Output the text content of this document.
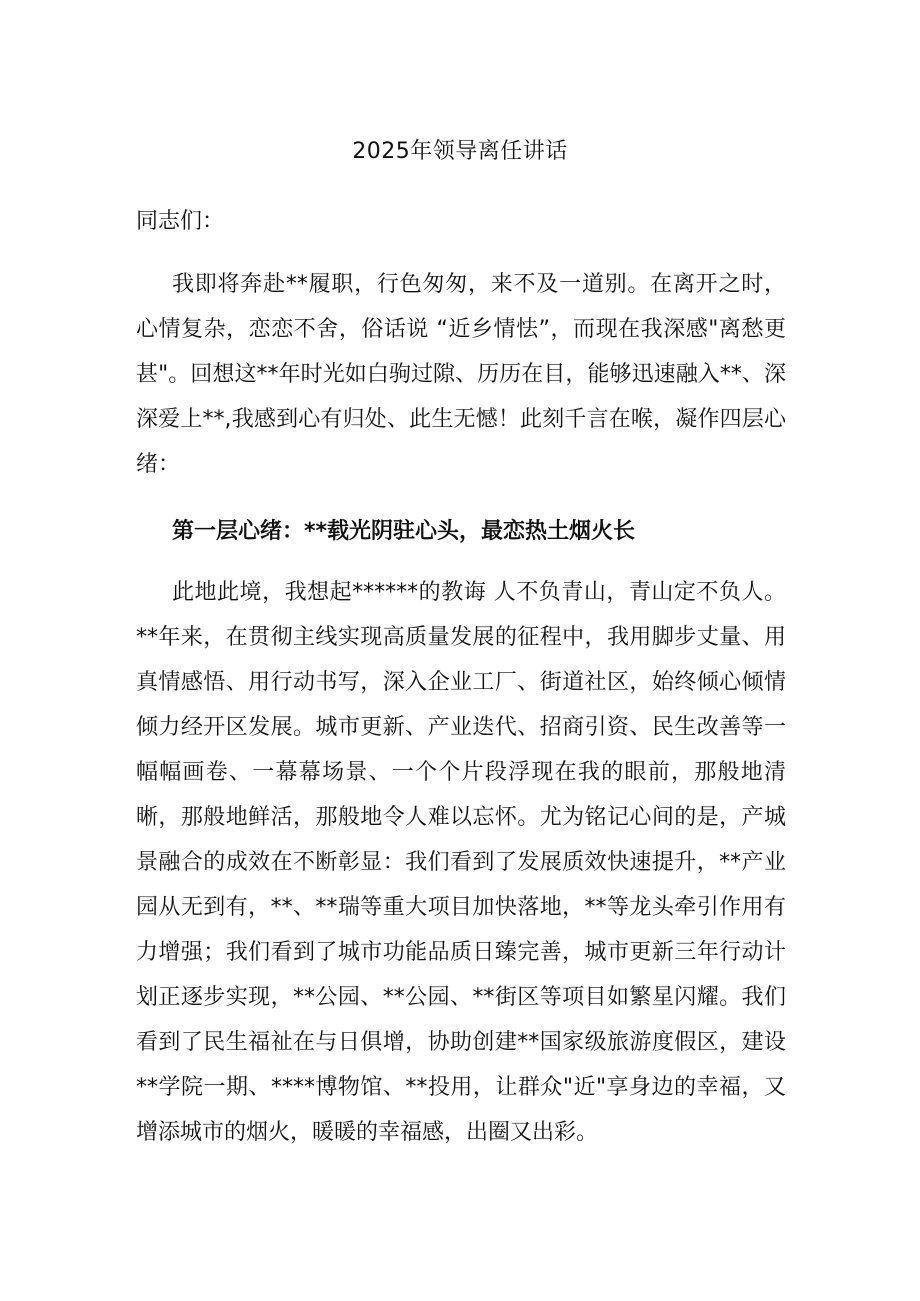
2025年领导离任讲话
同志们：

我即将奔赴**履职，行色匆匆，来不及一道别。在离开之时，心情复杂，恋恋不舍，俗话说 “近乡情怯”，而现在我深感"离愁更甚"。回想这**年时光如白驹过隙、历历在目，能够迅速融入**、深深爱上**,我感到心有归处、此生无憾！此刻千言在喉，凝作四层心绪：

第一层心绪：**载光阴驻心头，最恋热土烟火长

此地此境，我想起******的教诲 人不负青山，青山定不负人。**年来，在贯彻主线实现高质量发展的征程中，我用脚步丈量、用真情感悟、用行动书写，深入企业工厂、街道社区，始终倾心倾情倾力经开区发展。城市更新、产业迭代、招商引资、民生改善等一幅幅画卷、一幕幕场景、一个个片段浮现在我的眼前，那般地清晰，那般地鲜活，那般地令人难以忘怀。尤为铭记心间的是，产城景融合的成效在不断彰显：我们看到了发展质效快速提升，**产业园从无到有，**、**瑞等重大项目加快落地，**等龙头牵引作用有力增强；我们看到了城市功能品质日臻完善，城市更新三年行动计划正逐步实现，**公园、**公园、**街区等项目如繁星闪耀。我们看到了民生福祉在与日俱增，协助创建**国家级旅游度假区，建设**学院一期、****博物馆、**投用，让群众"近"享身边的幸福，又增添城市的烟火，暖暖的幸福感，出圈又出彩。
